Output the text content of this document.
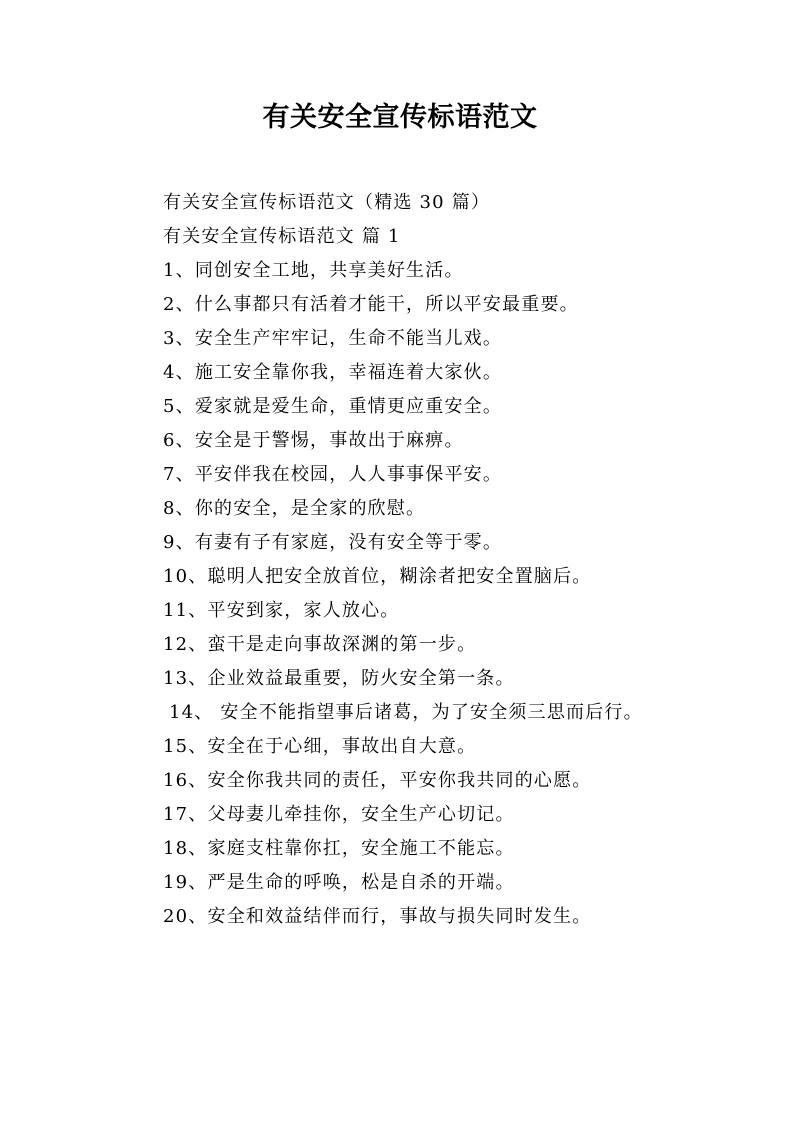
有关安全宣传标语范文
有关安全宣传标语范文（精选 30 篇）
有关安全宣传标语范文 篇 1
1、同创安全工地，共享美好生活。
2、什么事都只有活着才能干，所以平安最重要。
3、安全生产牢牢记，生命不能当儿戏。
4、施工安全靠你我，幸福连着大家伙。
5、爱家就是爱生命，重情更应重安全。
6、安全是于警惕，事故出于麻痹。
7、平安伴我在校园，人人事事保平安。
8、你的安全，是全家的欣慰。
9、有妻有子有家庭，没有安全等于零。
10、聪明人把安全放首位，糊涂者把安全置脑后。
11、平安到家，家人放心。
12、蛮干是走向事故深渊的第一步。
13、企业效益最重要，防火安全第一条。
14、 安全不能指望事后诸葛，为了安全须三思而后行。
15、安全在于心细，事故出自大意。
16、安全你我共同的责任，平安你我共同的心愿。
17、父母妻儿牵挂你，安全生产心切记。
18、家庭支柱靠你扛，安全施工不能忘。
19、严是生命的呼唤，松是自杀的开端。
20、安全和效益结伴而行，事故与损失同时发生。
